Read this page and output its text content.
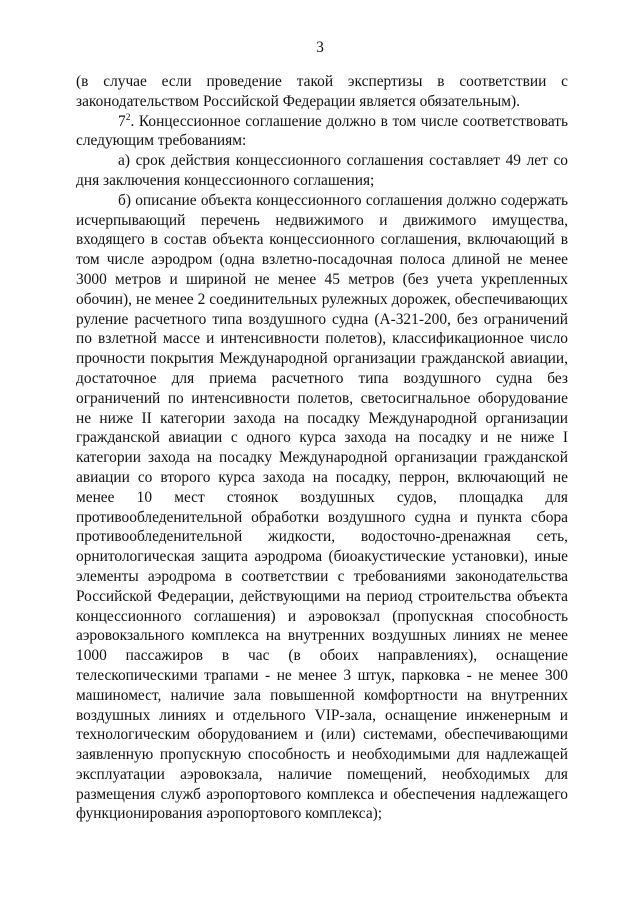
3

(в случае если проведение такой экспертизы в соответствии с законодательством Российской Федерации является обязательным).

$7^2$. Концессионное соглашение должно в том числе соответствовать следующим требованиям:

а) срок действия концессионного соглашения составляет 49 лет со дня заключения концессионного соглашения;

б) описание объекта концессионного соглашения должно содержать исчерпывающий перечень недвижимого и движимого имущества, входящего в состав объекта концессионного соглашения, включающий в том числе аэродром (одна взлетно-посадочная полоса длиной не менее 3000 метров и шириной не менее 45 метров (без учета укрепленных обочин), не менее 2 соединительных рулежных дорожек, обеспечивающих руление расчетного типа воздушного судна (А-321-200, без ограничений по взлетной массе и интенсивности полетов), классификационное число прочности покрытия Международной организации гражданской авиации, достаточное для приема расчетного типа воздушного судна без ограничений по интенсивности полетов, светосигнальное оборудование не ниже II категории захода на посадку Международной организации гражданской авиации с одного курса захода на посадку и не ниже I категории захода на посадку Международной организации гражданской авиации со второго курса захода на посадку, перрон, включающий не менее 10 мест стоянок воздушных судов, площадка для противообледенительной обработки воздушного судна и пункта сбора противообледенительной жидкости, водосточно-дренажная сеть, орнитологическая защита аэродрома (биоакустические установки), иные элементы аэродрома в соответствии с требованиями законодательства Российской Федерации, действующими на период строительства объекта концессионного соглашения) и аэровокзал (пропускная способность аэровокзального комплекса на внутренних воздушных линиях не менее 1000 пассажиров в час (в обоих направлениях), оснащение телескопическими трапами - не менее 3 штук, парковка - не менее 300 машиномест, наличие зала повышенной комфортности на внутренних воздушных линиях и отдельного VIP-зала, оснащение инженерным и технологическим оборудованием и (или) системами, обеспечивающими заявленную пропускную способность и необходимыми для надлежащей эксплуатации аэровокзала, наличие помещений, необходимых для размещения служб аэропортового комплекса и обеспечения надлежащего функционирования аэропортового комплекса);
